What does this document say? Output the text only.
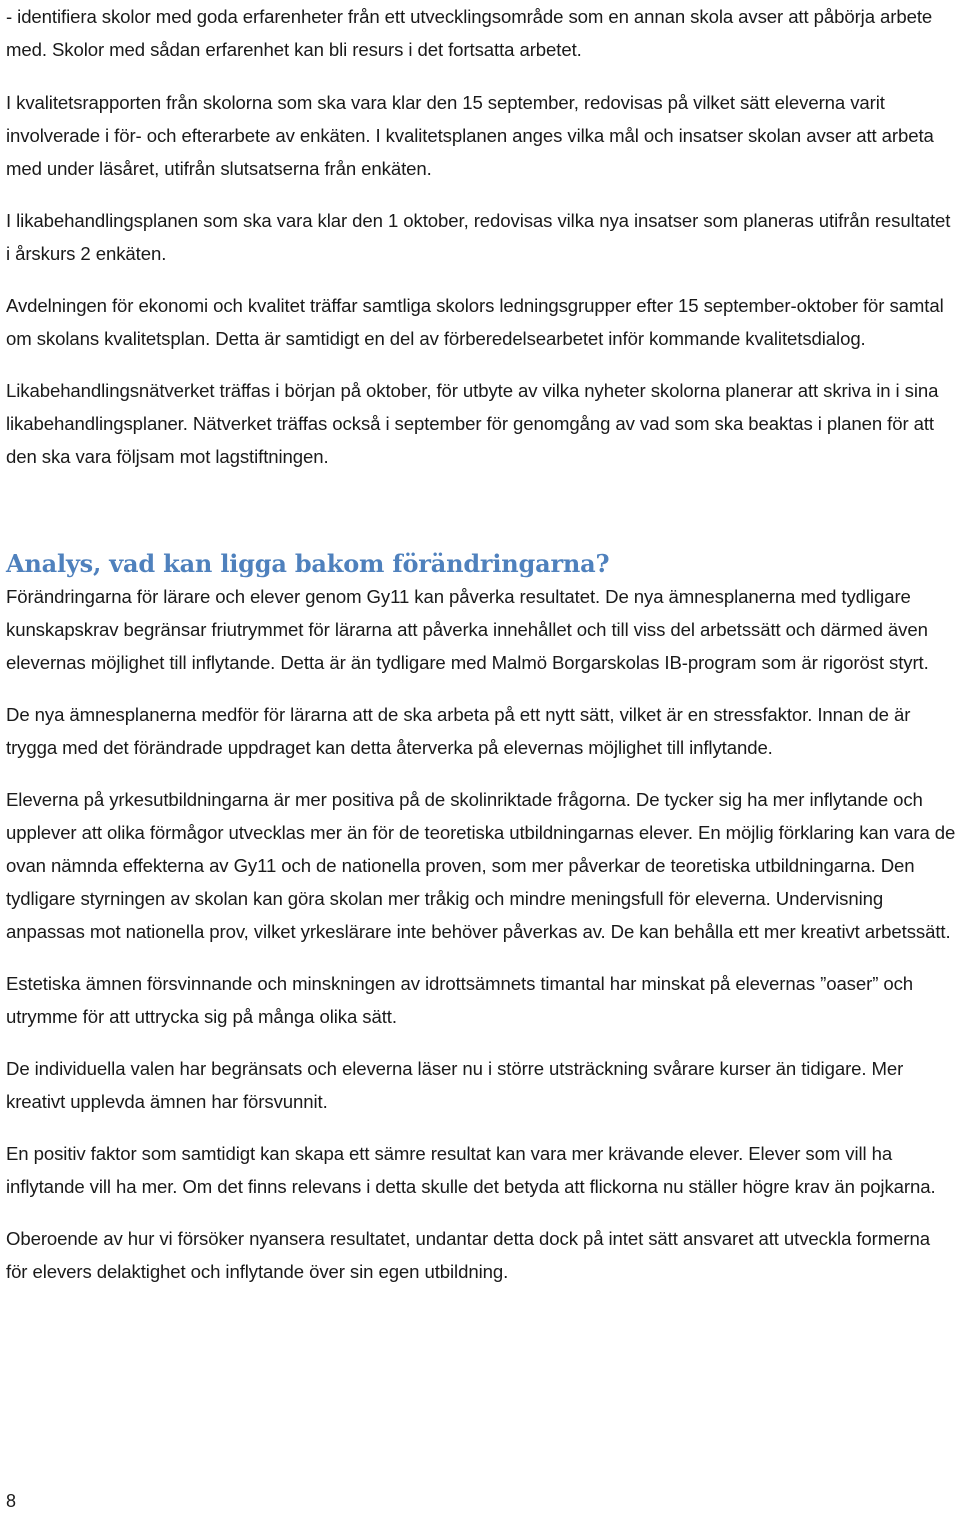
- identifiera skolor med goda erfarenheter från ett utvecklingsområde som en annan skola avser att påbörja arbete med. Skolor med sådan erfarenhet kan bli resurs i det fortsatta arbetet.

I kvalitetsrapporten från skolorna som ska vara klar den 15 september, redovisas på vilket sätt eleverna varit involverade i för- och efterarbete av enkäten. I kvalitetsplanen anges vilka mål och insatser skolan avser att arbeta med under läsåret, utifrån slutsatserna från enkäten.

I likabehandlingsplanen som ska vara klar den 1 oktober, redovisas vilka nya insatser som planeras utifrån resultatet i årskurs 2 enkäten.

Avdelningen för ekonomi och kvalitet träffar samtliga skolors ledningsgrupper efter 15 september-oktober för samtal om skolans kvalitetsplan. Detta är samtidigt en del av förberedelsearbetet inför kommande kvalitetsdialog.

Likabehandlingsnätverket träffas i början på oktober, för utbyte av vilka nyheter skolorna planerar att skriva in i sina likabehandlingsplaner. Nätverket träffas också i september för genomgång av vad som ska beaktas i planen för att den ska vara följsam mot lagstiftningen.

Analys, vad kan ligga bakom förändringarna?

Förändringarna för lärare och elever genom Gy11 kan påverka resultatet. De nya ämnesplanerna med tydligare kunskapskrav begränsar friutrymmet för lärarna att påverka innehållet och till viss del arbetssätt och därmed även elevernas möjlighet till inflytande. Detta är än tydligare med Malmö Borgarskolas IB-program som är rigoröst styrt.

De nya ämnesplanerna medför för lärarna att de ska arbeta på ett nytt sätt, vilket är en stressfaktor. Innan de är trygga med det förändrade uppdraget kan detta återverka på elevernas möjlighet till inflytande.

Eleverna på yrkesutbildningarna är mer positiva på de skolinriktade frågorna. De tycker sig ha mer inflytande och upplever att olika förmågor utvecklas mer än för de teoretiska utbildningarnas elever. En möjlig förklaring kan vara de ovan nämnda effekterna av Gy11 och de nationella proven, som mer påverkar de teoretiska utbildningarna. Den tydligare styrningen av skolan kan göra skolan mer tråkig och mindre meningsfull för eleverna. Undervisning anpassas mot nationella prov, vilket yrkeslärare inte behöver påverkas av. De kan behålla ett mer kreativt arbetssätt.

Estetiska ämnen försvinnande och minskningen av idrottsämnets timantal har minskat på elevernas ”oaser” och utrymme för att uttrycka sig på många olika sätt.

De individuella valen har begränsats och eleverna läser nu i större utsträckning svårare kurser än tidigare. Mer kreativt upplevda ämnen har försvunnit.

En positiv faktor som samtidigt kan skapa ett sämre resultat kan vara mer krävande elever. Elever som vill ha inflytande vill ha mer. Om det finns relevans i detta skulle det betyda att flickorna nu ställer högre krav än pojkarna.

Oberoende av hur vi försöker nyansera resultatet, undantar detta dock på intet sätt ansvaret att utveckla formerna för elevers delaktighet och inflytande över sin egen utbildning.

8
